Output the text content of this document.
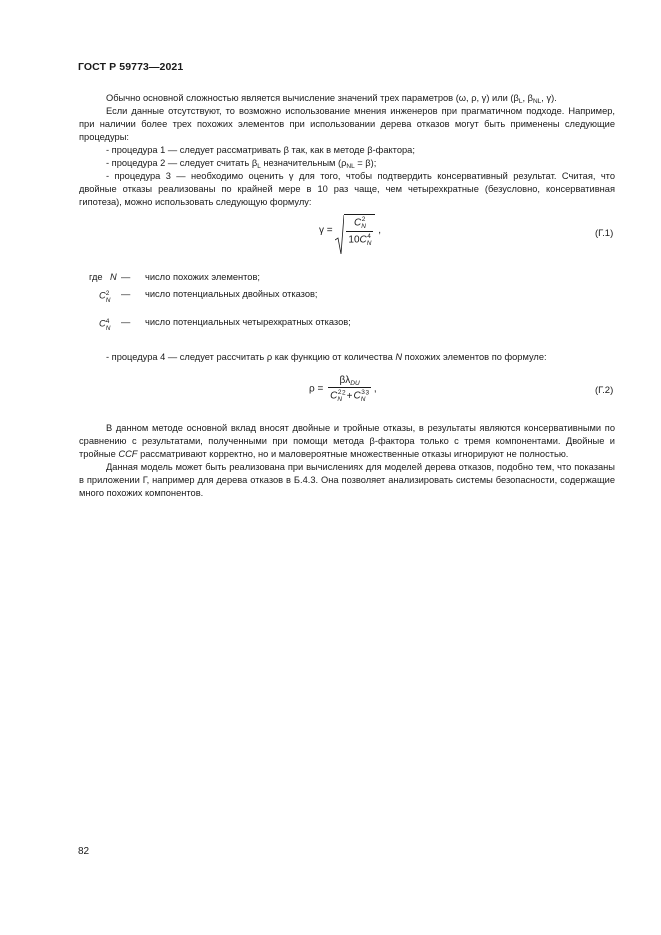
ГОСТ Р 59773—2021

Обычно основной сложностью является вычисление значений трех параметров (ω, ρ, γ) или ($\beta_L$, $\beta_{NL}$, γ).

Если данные отсутствуют, то возможно использование мнения инженеров при прагматичном подходе. Например, при наличии более трех похожих элементов при использовании дерева отказов могут быть применены следующие процедуры:

- процедура 1 — следует рассматривать β так, как в методе β-фактора;

- процедура 2 — следует считать $\beta_L$ незначительным $(\rho_{NL} = \beta)$;

- процедура 3 — необходимо оценить γ для того, чтобы подтвердить консервативный результат. Считая, что двойные отказы реализованы по крайней мере в 10 раз чаще, чем четырехкратные (безусловно, консервативная гипотеза), можно использовать следующую формулу:

γ = C 2
N
10C 4
N ,	(Г.1)
где N — число похожих элементов;
C 2
N
— число потенциальных двойных отказов;
C 4
N
— число потенциальных четырехкратных отказов;

- процедура 4 — следует рассчитать ρ как функцию от количества N похожих элементов по формуле:

$\rho = \beta\lambda_{DU}$
C 2
N
$^2$+C 3
N
$^3$ ,	(Г.2)

В данном методе основной вклад вносят двойные и тройные отказы, в результаты являются консервативными по сравнению с результатами, полученными при помощи метода β-фактора только с тремя компонентами. Двойные и тройные CCF рассматривают корректно, но и маловероятные множественные отказы игнорируют не полностью.

Данная модель может быть реализована при вычислениях для моделей дерева отказов, подобно тем, что показаны в приложении Г, например для дерева отказов в Б.4.3. Она позволяет анализировать системы безопасности, содержащие много похожих компонентов.

82
